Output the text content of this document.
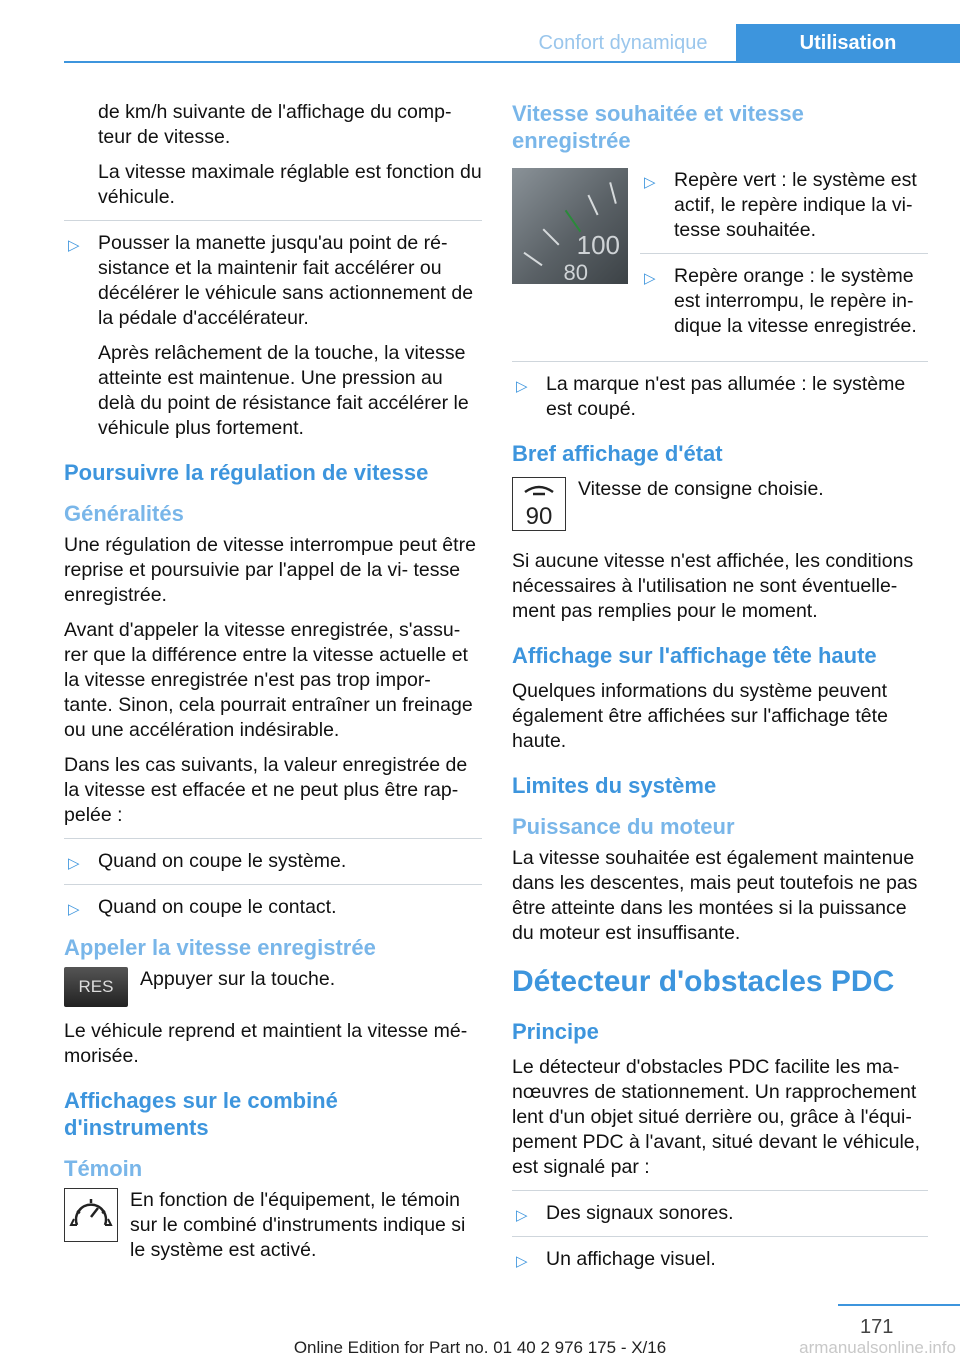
Confort dynamique	Utilisation

de km/h suivante de l'affichage du comp‐ teur de vitesse.

La vitesse maximale réglable est fonction du véhicule.

▷ Pousser la manette jusqu'au point de ré‐ sistance et la maintenir fait accélérer ou décélérer le véhicule sans actionnement de la pédale d'accélérateur.

Après relâchement de la touche, la vitesse atteinte est maintenue. Une pression au delà du point de résistance fait accélérer le véhicule plus fortement.

Poursuivre la régulation de vitesse
Généralités

Une régulation de vitesse interrompue peut être reprise et poursuivie par l'appel de la vi‐ tesse enregistrée.

Avant d'appeler la vitesse enregistrée, s'assu‐ rer que la différence entre la vitesse actuelle et la vitesse enregistrée n'est pas trop impor‐ tante. Sinon, cela pourrait entraîner un freinage ou une accélération indésirable.

Dans les cas suivants, la valeur enregistrée de la vitesse est effacée et ne peut plus être rap‐ pelée :

▷ Quand on coupe le système.
▷ Quand on coupe le contact.
Appeler la vitesse enregistrée
RES	Appuyer sur la touche.

Le véhicule reprend et maintient la vitesse mé‐ morisée.

Affichages sur le combiné d'instruments
Témoin
En fonction de l'équipement, le témoin sur le combiné d'instruments indique si le système est activé.
Vitesse souhaitée et vitesse enregistrée
100
80
▷ Repère vert : le système est actif, le repère indique la vi‐ tesse souhaitée.
▷ Repère orange : le système est interrompu, le repère in‐ dique la vitesse enregistrée.
▷ La marque n'est pas allumée : le système est coupé.
Bref affichage d'état
90
Vitesse de consigne choisie.

Si aucune vitesse n'est affichée, les conditions nécessaires à l'utilisation ne sont éventuelle‐ ment pas remplies pour le moment.

Affichage sur l'affichage tête haute

Quelques informations du système peuvent également être affichées sur l'affichage tête haute.

Limites du système
Puissance du moteur

La vitesse souhaitée est également maintenue dans les descentes, mais peut toutefois ne pas être atteinte dans les montées si la puissance du moteur est insuffisante.

Détecteur d'obstacles PDC
Principe

Le détecteur d'obstacles PDC facilite les ma‐ nœuvres de stationnement. Un rapprochement lent d'un objet situé derrière ou, grâce à l'équi‐ pement PDC à l'avant, situé devant le véhicule, est signalé par :

▷ Des signaux sonores.
▷ Un affichage visuel.
171
Online Edition for Part no. 01 40 2 976 175 - X/16	armanualsonline.info
